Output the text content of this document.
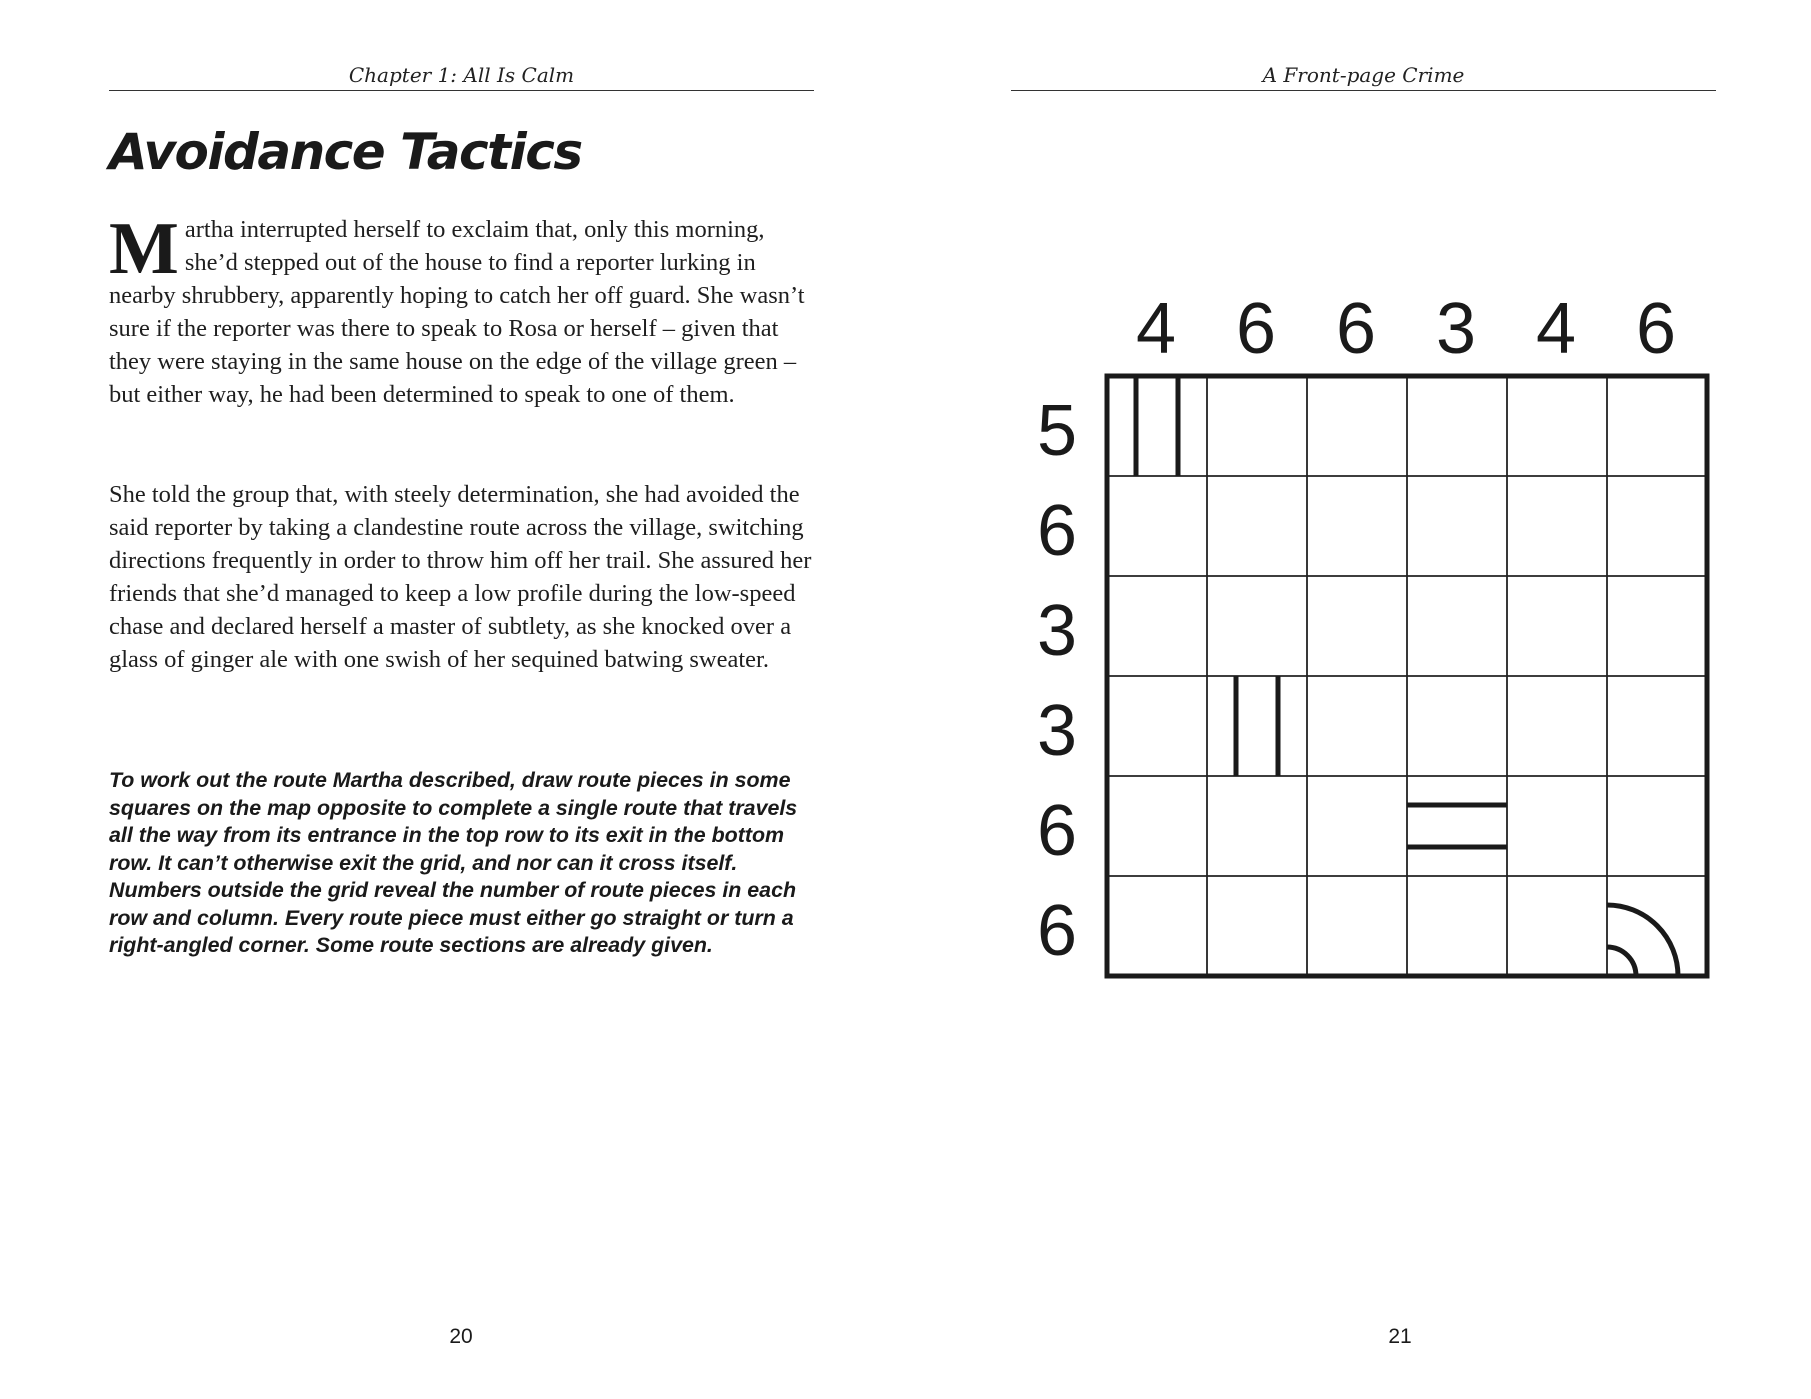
Chapter 1: All Is Calm
Avoidance Tactics

Martha interrupted herself to exclaim that, only this morning, she’d stepped out of the house to find a reporter lurking in nearby shrubbery, apparently hoping to catch her off guard. She wasn’t sure if the reporter was there to speak to Rosa or herself – given that they were staying in the same house on the edge of the village green – but either way, he had been determined to speak to one of them.

She told the group that, with steely determination, she had avoided the said reporter by taking a clandestine route across the village, switching directions frequently in order to throw him off her trail. She assured her friends that she’d managed to keep a low profile during the low-speed chase and declared herself a master of subtlety, as she knocked over a glass of ginger ale with one swish of her sequined batwing sweater.

To work out the route Martha described, draw route pieces in some squares on the map opposite to complete a single route that travels all the way from its entrance in the top row to its exit in the bottom row. It can’t otherwise exit the grid, and nor can it cross itself. Numbers outside the grid reveal the number of route pieces in each row and column. Every route piece must either go straight or turn a right-angled corner. Some route sections are already given.

20
A Front-page Crime
4 6 6 3 4 6
5
6
3
3
6
6
21
